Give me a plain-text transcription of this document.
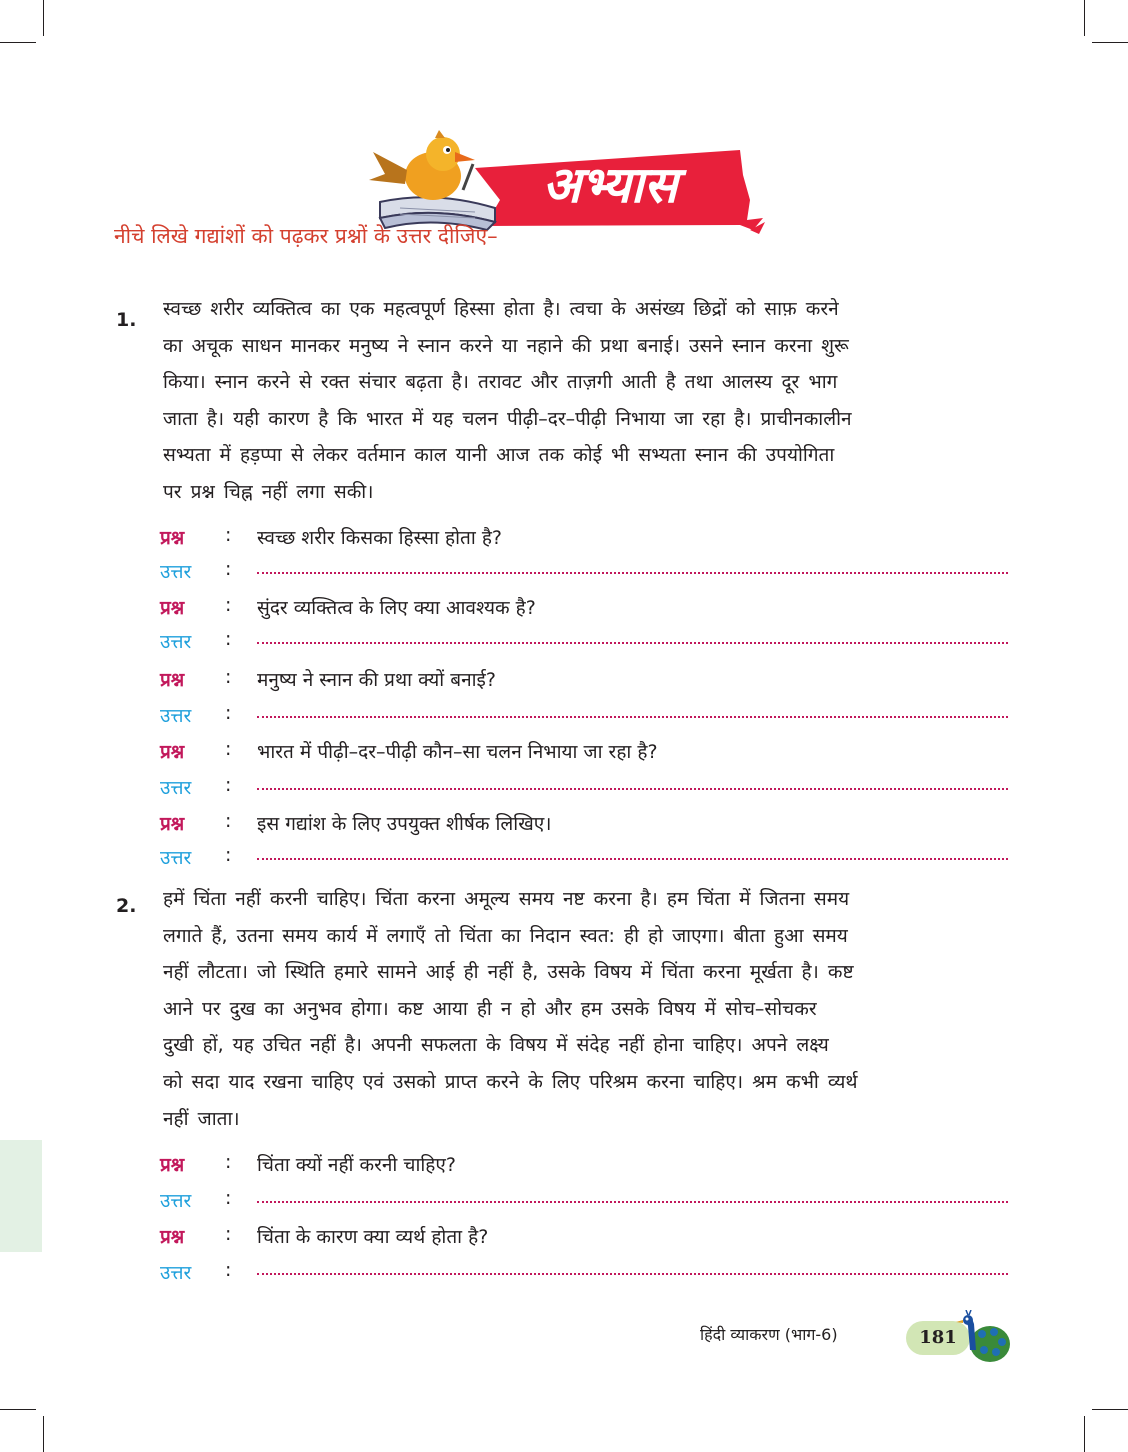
अभ्यास
नीचे लिखे गद्यांशों को पढ़कर प्रश्नों के उत्तर दीजिए–
1. स्वच्छ शरीर व्यक्तित्व का एक महत्वपूर्ण हिस्सा होता है। त्वचा के असंख्य छिद्रों को साफ़ करने
का अचूक साधन मानकर मनुष्य ने स्नान करने या नहाने की प्रथा बनाई। उसने स्नान करना शुरू
किया। स्नान करने से रक्त संचार बढ़ता है। तरावट और ताज़गी आती है तथा आलस्य दूर भाग
जाता है। यही कारण है कि भारत में यह चलन पीढ़ी–दर–पीढ़ी निभाया जा रहा है। प्राचीनकालीन
सभ्यता में हड़प्पा से लेकर वर्तमान काल यानी आज तक कोई भी सभ्यता स्नान की उपयोगिता
पर प्रश्न चिह्न नहीं लगा सकी।
प्रश्न : स्वच्छ शरीर किसका हिस्सा होता है?
उत्तर :
प्रश्न : सुंदर व्यक्तित्व के लिए क्या आवश्यक है?
उत्तर :
प्रश्न : मनुष्य ने स्नान की प्रथा क्यों बनाई?
उत्तर :
प्रश्न : भारत में पीढ़ी–दर–पीढ़ी कौन–सा चलन निभाया जा रहा है?
उत्तर :
प्रश्न : इस गद्यांश के लिए उपयुक्त शीर्षक लिखिए।
उत्तर :
2. हमें चिंता नहीं करनी चाहिए। चिंता करना अमूल्य समय नष्ट करना है। हम चिंता में जितना समय
लगाते हैं, उतना समय कार्य में लगाएँ तो चिंता का निदान स्वत: ही हो जाएगा। बीता हुआ समय
नहीं लौटता। जो स्थिति हमारे सामने आई ही नहीं है, उसके विषय में चिंता करना मूर्खता है। कष्ट
आने पर दुख का अनुभव होगा। कष्ट आया ही न हो और हम उसके विषय में सोच–सोचकर
दुखी हों, यह उचित नहीं है। अपनी सफलता के विषय में संदेह नहीं होना चाहिए। अपने लक्ष्य
को सदा याद रखना चाहिए एवं उसको प्राप्त करने के लिए परिश्रम करना चाहिए। श्रम कभी व्यर्थ
नहीं जाता।
प्रश्न : चिंता क्यों नहीं करनी चाहिए?
उत्तर :
प्रश्न : चिंता के कारण क्या व्यर्थ होता है?
उत्तर :
हिंदी व्याकरण (भाग-6)	181
